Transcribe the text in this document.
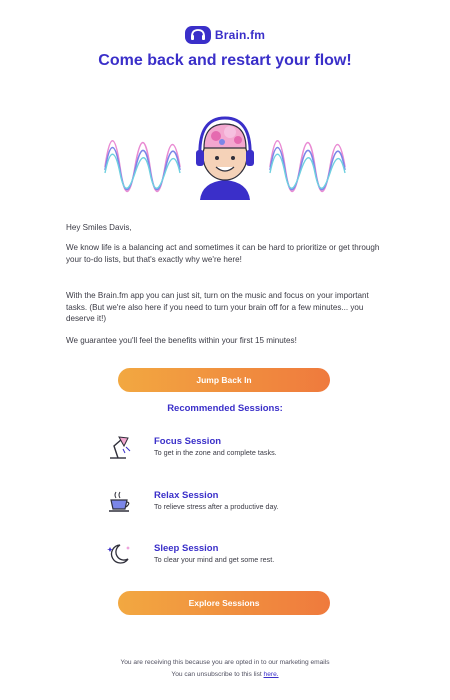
Brain.fm
Come back and restart your flow!

Hey Smiles Davis,

We know life is a balancing act and sometimes it can be hard to prioritize or get through your to-do lists, but that's exactly why we're here!

With the Brain.fm app you can just sit, turn on the music and focus on your important tasks. (But we're also here if you need to turn your brain off for a few minutes... you deserve it!)

We guarantee you'll feel the benefits within your first 15 minutes!

Jump Back In
Recommended Sessions:
Focus Session
To get in the zone and complete tasks.
Relax Session
To relieve stress after a productive day.
Sleep Session
To clear your mind and get some rest.
Explore Sessions
You are receiving this because you are opted in to our marketing emails
You can unsubscribe to this list here.
